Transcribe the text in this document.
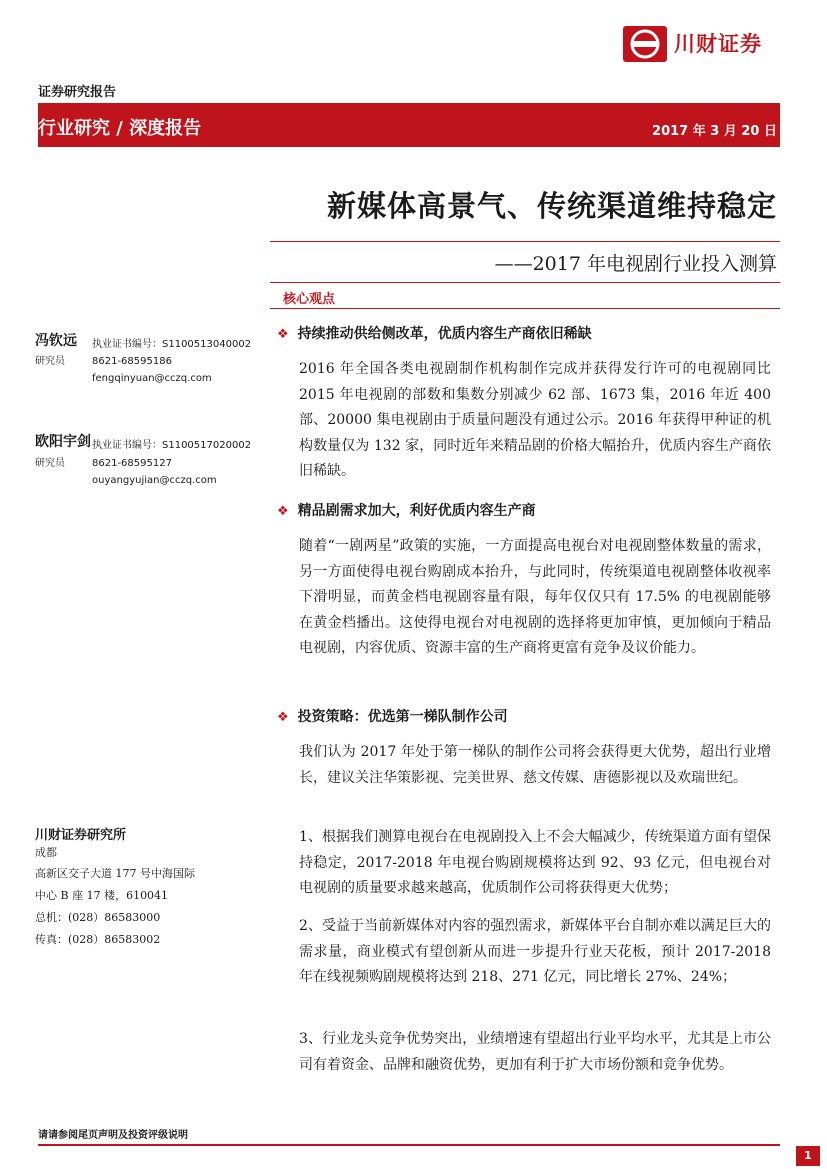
川财证券
证券研究报告
行业研究 / 深度报告	2017 年 3 月 20 日
新媒体高景气、传统渠道维持稳定
——2017 年电视剧行业投入测算
核心观点
冯钦远 执业证书编号：S1100513040002
研究员	8621-68595186
fengqinyuan@cczq.com
欧阳宇剑 执业证书编号：S1100517020002
研究员	8621-68595127
ouyangyujian@cczq.com
川财证券研究所
成都
高新区交子大道 177 号中海国际
中心 B 座 17 楼，610041
总机：(028）86583000
传真：(028）86583002
❖ 持续推动供给侧改革，优质内容生产商依旧稀缺
2016 年全国各类电视剧制作机构制作完成并获得发行许可的电视剧同比 2015 年电视剧的部数和集数分别减少 62 部、1673 集，2016 年近 400 部、20000 集电视剧由于质量问题没有通过公示。2016 年获得甲种证的机构数量仅为 132 家，同时近年来精品剧的价格大幅抬升，优质内容生产商依旧稀缺。
❖ 精品剧需求加大，利好优质内容生产商
随着“一剧两星”政策的实施，一方面提高电视台对电视剧整体数量的需求，另一方面使得电视台购剧成本抬升，与此同时，传统渠道电视剧整体收视率下滑明显，而黄金档电视剧容量有限，每年仅仅只有 17.5% 的电视剧能够在黄金档播出。这使得电视台对电视剧的选择将更加审慎，更加倾向于精品电视剧，内容优质、资源丰富的生产商将更富有竞争及议价能力。
❖ 投资策略：优选第一梯队制作公司
我们认为 2017 年处于第一梯队的制作公司将会获得更大优势，超出行业增长，建议关注华策影视、完美世界、慈文传媒、唐德影视以及欢瑞世纪。
1、根据我们测算电视台在电视剧投入上不会大幅减少，传统渠道方面有望保持稳定，2017-2018 年电视台购剧规模将达到 92、93 亿元，但电视台对电视剧的质量要求越来越高，优质制作公司将获得更大优势；
2、受益于当前新媒体对内容的强烈需求，新媒体平台自制亦难以满足巨大的需求量，商业模式有望创新从而进一步提升行业天花板，预计 2017-2018 年在线视频购剧规模将达到 218、271 亿元，同比增长 27%、24%；
3、行业龙头竞争优势突出，业绩增速有望超出行业平均水平，尤其是上市公司有着资金、品牌和融资优势，更加有利于扩大市场份额和竞争优势。
请请参阅尾页声明及投资评级说明
1
